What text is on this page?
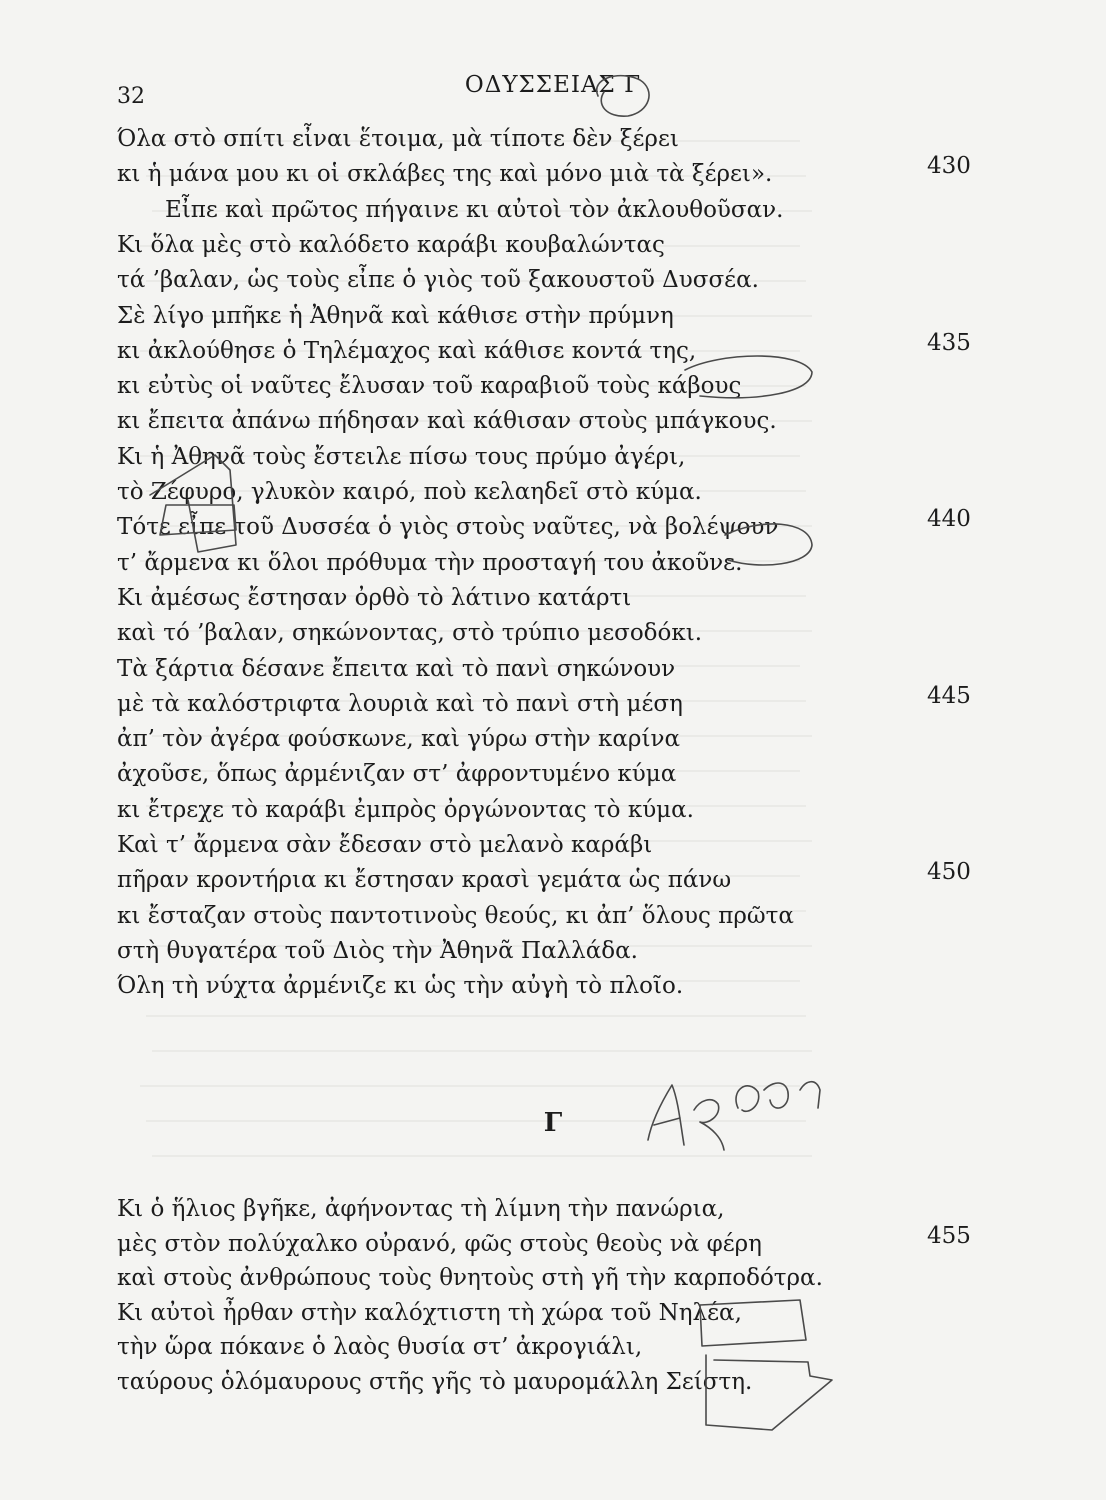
32	ΟΔΥΣΣΕΙΑΣ Γ
Όλα στὸ σπίτι εἶναι ἕτοιμα, μὰ τίποτε δὲν ξέρει
κι ἡ μάνα μου κι οἱ σκλάβες της καὶ μόνο μιὰ τὰ ξέρει».	430
Εἶπε καὶ πρῶτος πήγαινε κι αὐτοὶ τὸν ἀκλουθοῦσαν.
Κι ὅλα μὲς στὸ καλόδετο καράβι κουβαλώντας
τά ’βαλαν, ὡς τοὺς εἶπε ὁ γιὸς τοῦ ξακουστοῦ Δυσσέα.
Σὲ λίγο μπῆκε ἡ Ἀθηνᾶ καὶ κάθισε στὴν πρύμνη
κι ἀκλούθησε ὁ Τηλέμαχος καὶ κάθισε κοντά της,	435
κι εὐτὺς οἱ ναῦτες ἔλυσαν τοῦ καραβιοῦ τοὺς κάβους
κι ἔπειτα ἀπάνω πήδησαν καὶ κάθισαν στοὺς μπάγκους.
Κι ἡ Ἀθηνᾶ τοὺς ἔστειλε πίσω τους πρύμο ἀγέρι,
τὸ Ζέφυρο, γλυκὸν καιρό, ποὺ κελαηδεῖ στὸ κύμα.
Τότε εἶπε τοῦ Δυσσέα ὁ γιὸς στοὺς ναῦτες, νὰ βολέψουν	440
τ’ ἄρμενα κι ὅλοι πρόθυμα τὴν προσταγή του ἀκοῦνε.
Κι ἀμέσως ἔστησαν ὀρθὸ τὸ λάτινο κατάρτι
καὶ τό ’βαλαν, σηκώνοντας, στὸ τρύπιο μεσοδόκι.
Τὰ ξάρτια δέσανε ἔπειτα καὶ τὸ πανὶ σηκώνουν
μὲ τὰ καλόστριφτα λουριὰ καὶ τὸ πανὶ στὴ μέση	445
ἀπ’ τὸν ἀγέρα φούσκωνε, καὶ γύρω στὴν καρίνα
ἀχοῦσε, ὅπως ἀρμένιζαν στ’ ἀφροντυμένο κύμα
κι ἔτρεχε τὸ καράβι ἐμπρὸς ὀργώνοντας τὸ κύμα.
Καὶ τ’ ἄρμενα σὰν ἔδεσαν στὸ μελανὸ καράβι
πῆραν κροντήρια κι ἔστησαν κρασὶ γεμάτα ὡς πάνω	450
κι ἔσταζαν στοὺς παντοτινοὺς θεούς, κι ἀπ’ ὅλους πρῶτα
στὴ θυγατέρα τοῦ Διὸς τὴν Ἀθηνᾶ Παλλάδα.
Όλη τὴ νύχτα ἀρμένιζε κι ὡς τὴν αὐγὴ τὸ πλοῖο.
Γ
Κι ὁ ἥλιος βγῆκε, ἀφήνοντας τὴ λίμνη τὴν πανώρια,
μὲς στὸν πολύχαλκο οὐρανό, φῶς στοὺς θεοὺς νὰ φέρη	455
καὶ στοὺς ἀνθρώπους τοὺς θνητοὺς στὴ γῆ τὴν καρποδότρα.
Κι αὐτοὶ ἦρθαν στὴν καλόχτιστη τὴ χώρα τοῦ Νηλέα,
τὴν ὥρα πόκανε ὁ λαὸς θυσία στ’ ἀκρογιάλι,
ταύρους ὁλόμαυρους στῆς γῆς τὸ μαυρομάλλη Σείστη.
